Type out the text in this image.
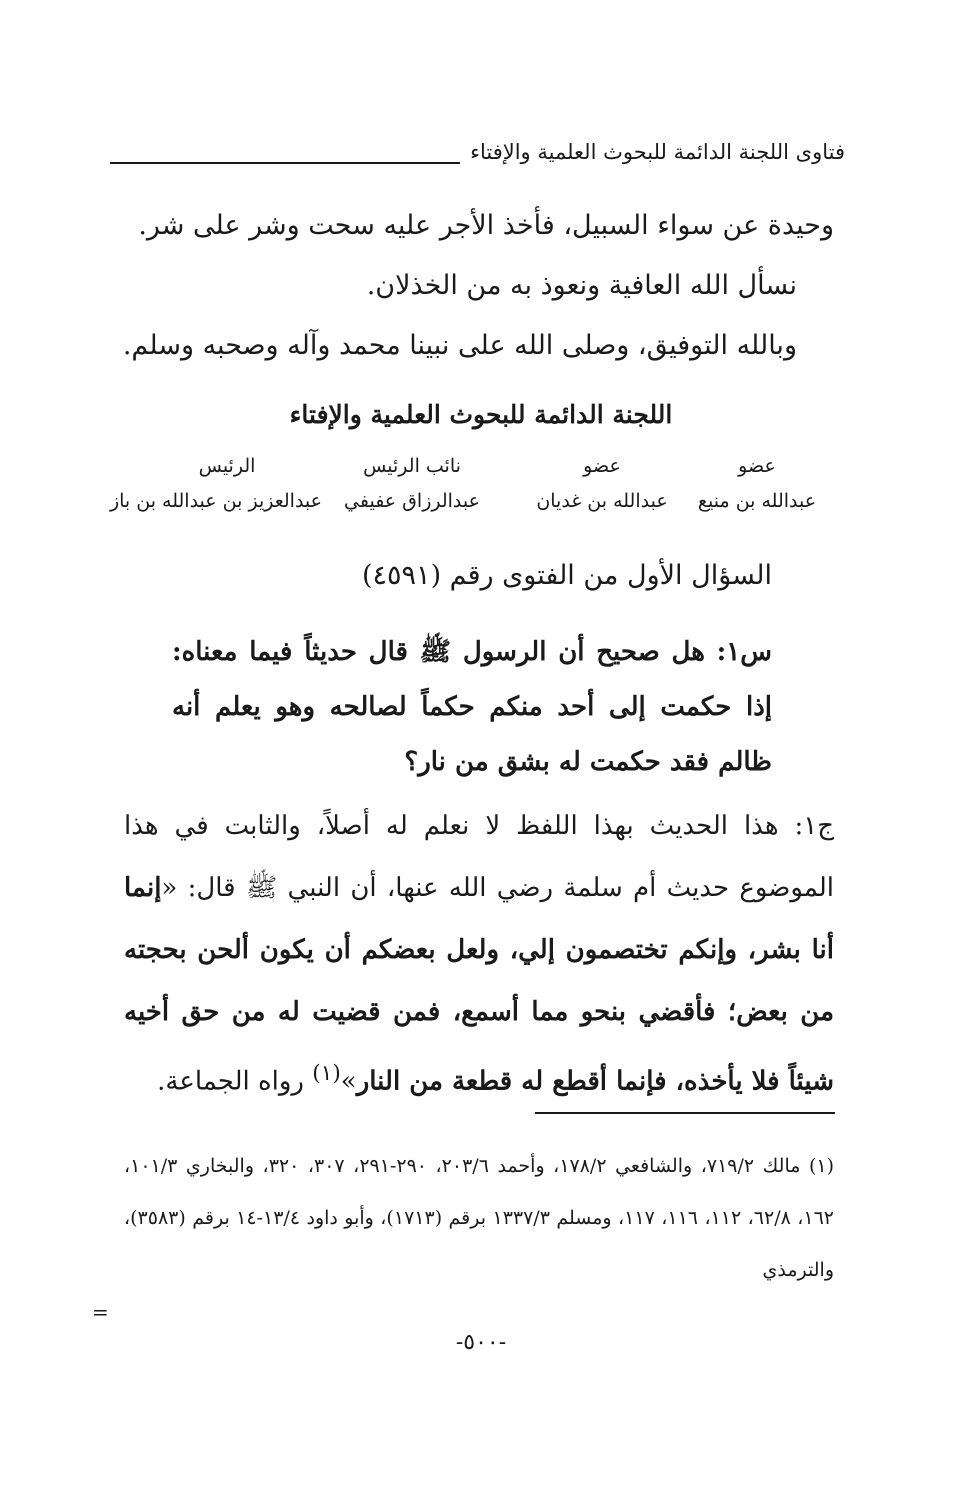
فتاوى اللجنة الدائمة للبحوث العلمية والإفتاء
وحيدة عن سواء السبيل، فأخذ الأجر عليه سحت وشر على شر.
نسأل الله العافية ونعوذ به من الخذلان.
وبالله التوفيق، وصلى الله على نبينا محمد وآله وصحبه وسلم.
اللجنة الدائمة للبحوث العلمية والإفتاء
عضو
عضو
نائب الرئيس
الرئيس
عبدالله بن منيع
عبدالله بن غديان
عبدالرزاق عفيفي
عبدالعزيز بن عبدالله بن باز
السؤال الأول من الفتوى رقم (٤٥٩١)
س١: هل صحيح أن الرسول ﷺ قال حديثاً فيما معناه: إذا حكمت إلى أحد منكم حكماً لصالحه وهو يعلم أنه ظالم فقد حكمت له بشق من نار؟
ج١: هذا الحديث بهذا اللفظ لا نعلم له أصلاً، والثابت في هذا الموضوع حديث أم سلمة رضي الله عنها، أن النبي ﷺ قال: «إنما أنا بشر، وإنكم تختصمون إلي، ولعل بعضكم أن يكون ألحن بحجته من بعض؛ فأقضي بنحو مما أسمع، فمن قضيت له من حق أخيه شيئاً فلا يأخذه، فإنما أقطع له قطعة من النار»$^{(١)}$ رواه الجماعة.
(١) مالك ٧١٩/٢، والشافعي ١٧٨/٢، وأحمد ٢٠٣/٦، ٢٩٠-٢٩١، ٣٠٧، ٣٢٠، والبخاري ١٠١/٣، ١٦٢، ٦٢/٨، ١١٢، ١١٦، ١١٧، ومسلم ١٣٣٧/٣ برقم (١٧١٣)، وأبو داود ١٣/٤-١٤ برقم (٣٥٨٣)، والترمذي
=
-٥٠٠-
